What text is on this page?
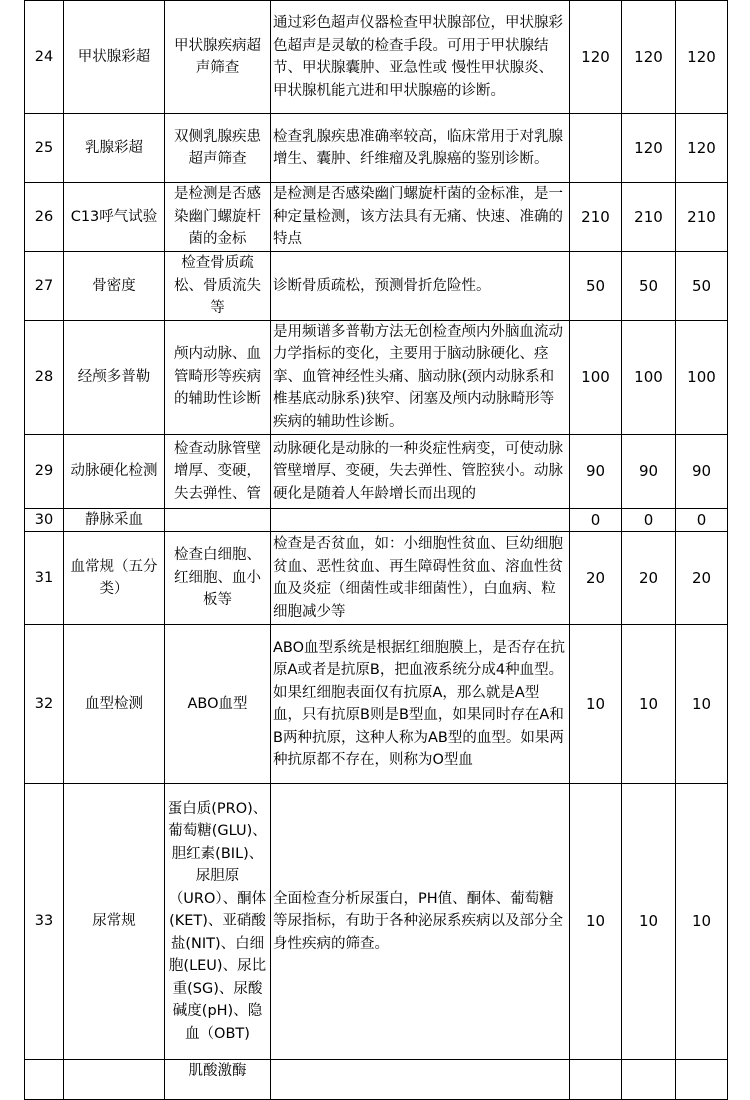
24	甲状腺彩超	甲状腺疾病超声筛查	通过彩色超声仪器检查甲状腺部位，甲状腺彩色超声是灵敏的检查手段。可用于甲状腺结节、甲状腺囊肿、亚急性或 慢性甲状腺炎、甲状腺机能亢进和甲状腺癌的诊断。	120	120	120
25	乳腺彩超	双侧乳腺疾患超声筛查	检查乳腺疾患准确率较高，临床常用于对乳腺增生、囊肿、纤维瘤及乳腺癌的鉴别诊断。		120	120
26	C13呼气试验	是检测是否感染幽门螺旋杆菌的金标	是检测是否感染幽门螺旋杆菌的金标准，是一种定量检测，该方法具有无痛、快速、准确的特点	210	210	210
27	骨密度	检查骨质疏松、骨质流失等	诊断骨质疏松，预测骨折危险性。	50	50	50
28	经颅多普勒	颅内动脉、血管畸形等疾病的辅助性诊断	是用频谱多普勒方法无创检查颅内外脑血流动力学指标的变化，主要用于脑动脉硬化、痉挛、血管神经性头痛、脑动脉(颈内动脉系和椎基底动脉系)狭窄、闭塞及颅内动脉畸形等疾病的辅助性诊断。	100	100	100
29	动脉硬化检测	检查动脉管壁增厚、变硬，失去弹性、管	动脉硬化是动脉的一种炎症性病变，可使动脉管壁增厚、变硬，失去弹性、管腔狭小。动脉硬化是随着人年龄增长而出现的	90	90	90
30	静脉采血			0	0	0
31	血常规（五分类）	检查白细胞、红细胞、血小板等	检查是否贫血，如：小细胞性贫血、巨幼细胞贫血、恶性贫血、再生障碍性贫血、溶血性贫血及炎症（细菌性或非细菌性），白血病、粒细胞减少等	20	20	20
32	血型检测	ABO血型	ABO血型系统是根据红细胞膜上，是否存在抗原A或者是抗原B，把血液系统分成4种血型。如果红细胞表面仅有抗原A，那么就是A型血，只有抗原B则是B型血，如果同时存在A和B两种抗原，这种人称为AB型的血型。如果两种抗原都不存在，则称为O型血	10	10	10
33	尿常规	蛋白质(PRO)、葡萄糖(GLU)、胆红素(BIL)、尿胆原（URO）、酮体(KET)、亚硝酸盐(NIT)、白细胞(LEU)、尿比重(SG)、尿酸碱度(pH)、隐血（OBT)	全面检查分析尿蛋白，PH值、酮体、葡萄糖等尿指标，有助于各种泌尿系疾病以及部分全身性疾病的筛查。	10	10	10
		肌酸激酶				
